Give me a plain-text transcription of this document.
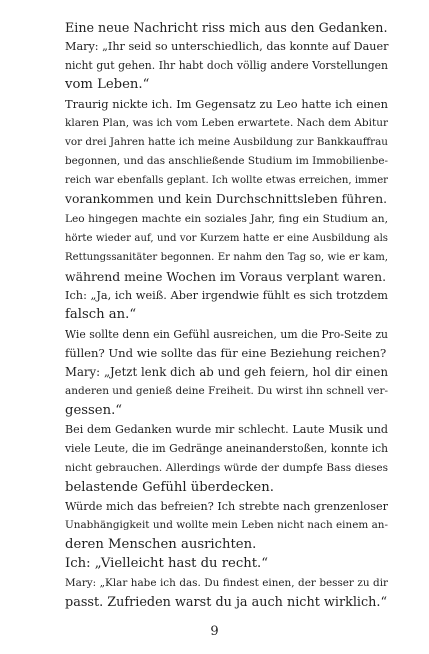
Eine neue Nachricht riss mich aus den Gedanken.

Mary: „Ihr seid so unterschiedlich, das konnte auf Dauer
nicht gut gehen. Ihr habt doch völlig andere Vorstellungen
vom Leben.“

Traurig nickte ich. Im Gegensatz zu Leo hatte ich einen
klaren Plan, was ich vom Leben erwartete. Nach dem Abitur
vor drei Jahren hatte ich meine Ausbildung zur Bankkauffrau
begonnen, und das anschließende Studium im Immobilienbe-
reich war ebenfalls geplant. Ich wollte etwas erreichen, immer
vorankommen und kein Durchschnittsleben führen.

Leo hingegen machte ein soziales Jahr, fing ein Studium an,
hörte wieder auf, und vor Kurzem hatte er eine Ausbildung als
Rettungssanitäter begonnen. Er nahm den Tag so, wie er kam,
während meine Wochen im Voraus verplant waren.

Ich: „Ja, ich weiß. Aber irgendwie fühlt es sich trotzdem
falsch an.“

Wie sollte denn ein Gefühl ausreichen, um die Pro-Seite zu
füllen? Und wie sollte das für eine Beziehung reichen?

Mary: „Jetzt lenk dich ab und geh feiern, hol dir einen
anderen und genieß deine Freiheit. Du wirst ihn schnell ver-
gessen.“

Bei dem Gedanken wurde mir schlecht. Laute Musik und
viele Leute, die im Gedränge aneinanderstoßen, konnte ich
nicht gebrauchen. Allerdings würde der dumpfe Bass dieses
belastende Gefühl überdecken.

Würde mich das befreien? Ich strebte nach grenzenloser
Unabhängigkeit und wollte mein Leben nicht nach einem an-
deren Menschen ausrichten.

Ich: „Vielleicht hast du recht.“

Mary: „Klar habe ich das. Du findest einen, der besser zu dir
passt. Zufrieden warst du ja auch nicht wirklich.“

9
